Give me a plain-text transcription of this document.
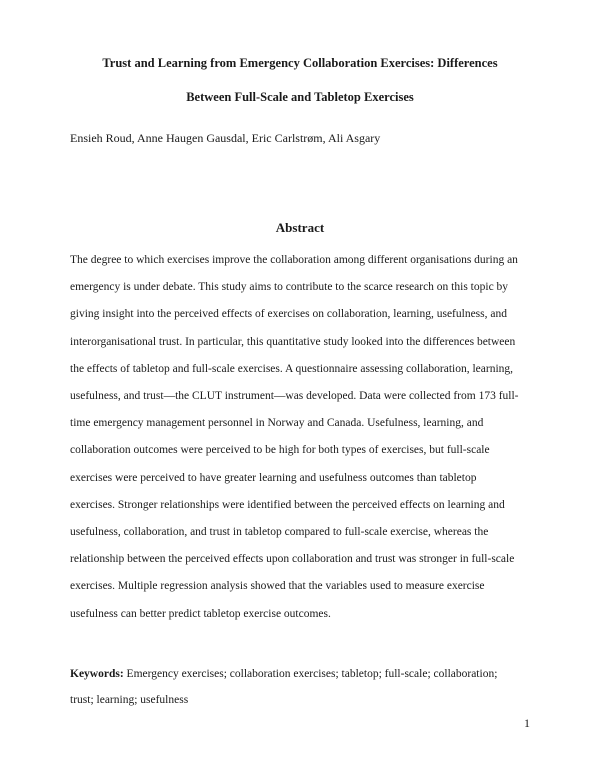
Trust and Learning from Emergency Collaboration Exercises: Differences
Between Full-Scale and Tabletop Exercises

Ensieh Roud, Anne Haugen Gausdal, Eric Carlstrøm, Ali Asgary

Abstract

The degree to which exercises improve the collaboration among different organisations during an
emergency is under debate. This study aims to contribute to the scarce research on this topic by
giving insight into the perceived effects of exercises on collaboration, learning, usefulness, and
interorganisational trust. In particular, this quantitative study looked into the differences between
the effects of tabletop and full-scale exercises. A questionnaire assessing collaboration, learning,
usefulness, and trust—the CLUT instrument—was developed. Data were collected from 173 full-
time emergency management personnel in Norway and Canada. Usefulness, learning, and
collaboration outcomes were perceived to be high for both types of exercises, but full-scale
exercises were perceived to have greater learning and usefulness outcomes than tabletop
exercises. Stronger relationships were identified between the perceived effects on learning and
usefulness, collaboration, and trust in tabletop compared to full-scale exercise, whereas the
relationship between the perceived effects upon collaboration and trust was stronger in full-scale
exercises. Multiple regression analysis showed that the variables used to measure exercise
usefulness can better predict tabletop exercise outcomes.

Keywords: Emergency exercises; collaboration exercises; tabletop; full-scale; collaboration;
trust; learning; usefulness

1
